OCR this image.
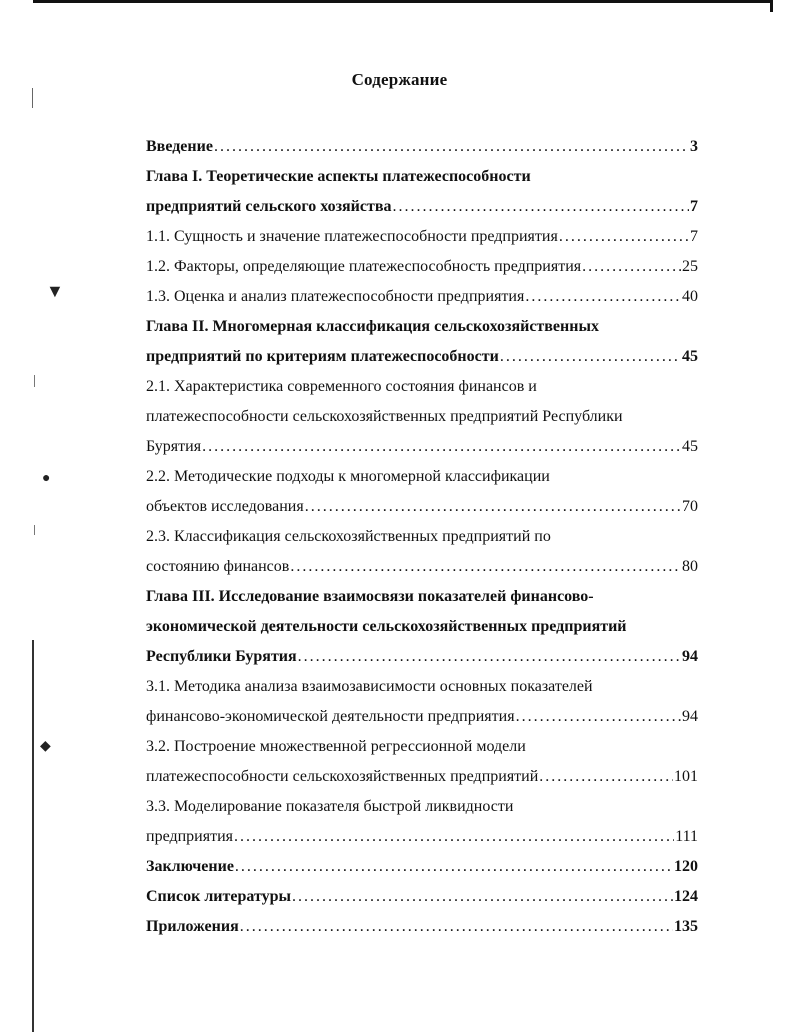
▼
●
◆
Содержание
Введение .....	3
Глава I. Теоретические аспекты платежеспособности
предприятий сельского хозяйства .....	7
1.1. Сущность и значение платежеспособности предприятия .....	7
1.2. Факторы, определяющие платежеспособность предприятия .....	25
1.3. Оценка и анализ платежеспособности предприятия .....	40
Глава II. Многомерная классификация сельскохозяйственных
предприятий по критериям платежеспособности .....	45
2.1. Характеристика современного состояния финансов и
платежеспособности сельскохозяйственных предприятий Республики
Бурятия .....	45
2.2. Методические подходы к многомерной классификации
объектов исследования .....	70
2.3. Классификация сельскохозяйственных предприятий по
состоянию финансов .....	80
Глава III. Исследование взаимосвязи показателей финансово-
экономической деятельности сельскохозяйственных предприятий
Республики Бурятия .....	94
3.1. Методика анализа взаимозависимости основных показателей
финансово-экономической деятельности предприятия .....	94
3.2. Построение множественной регрессионной модели
платежеспособности сельскохозяйственных предприятий .....	101
3.3. Моделирование показателя быстрой ликвидности
предприятия .....	111
Заключение .....	120
Список литературы .....	124
Приложения .....	135
